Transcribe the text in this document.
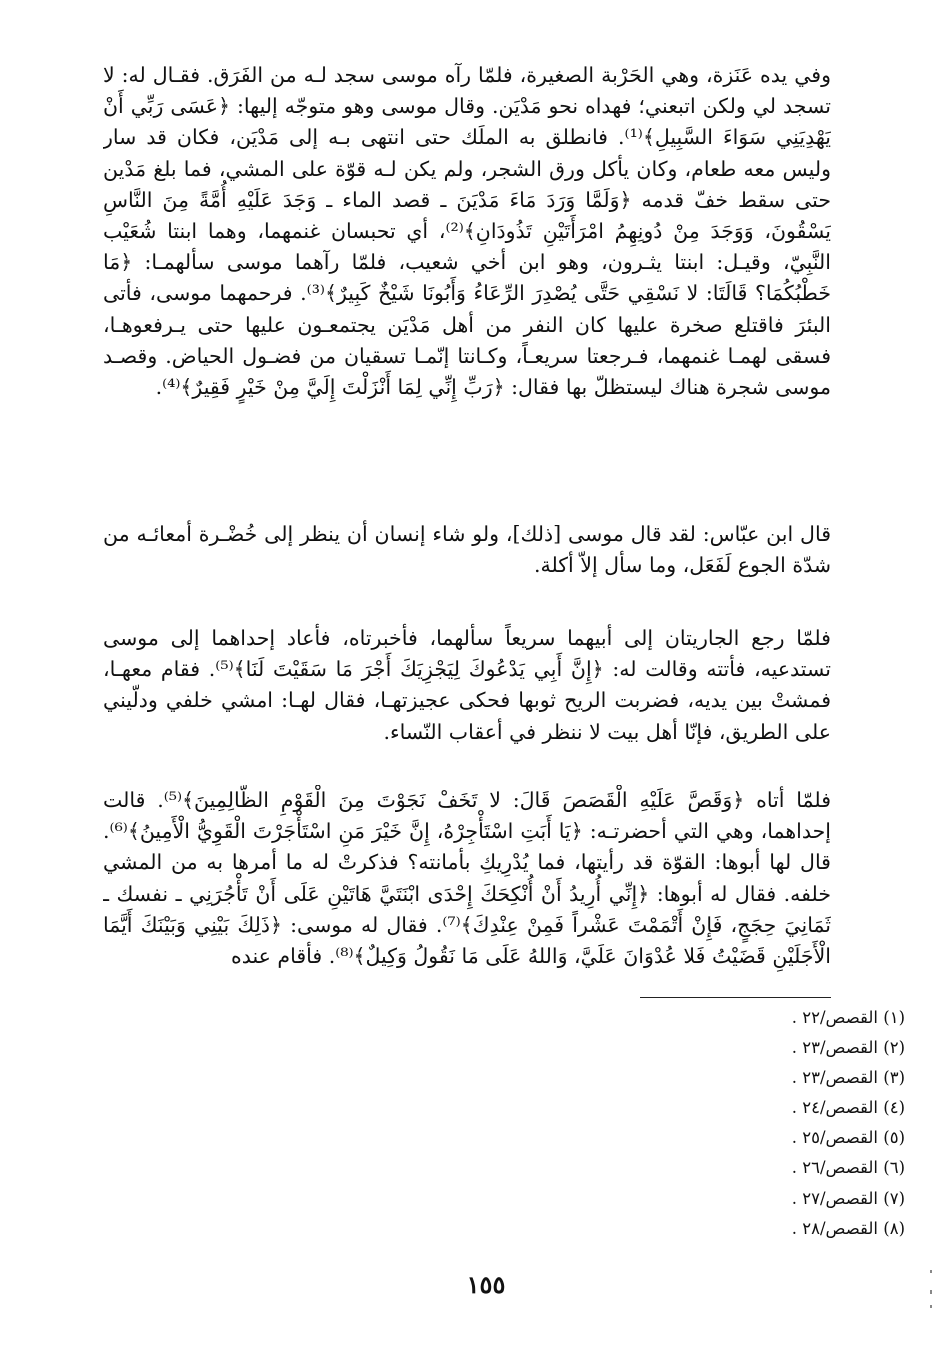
وفي يده عَنَزة، وهي الحَرْبة الصغيرة، فلمّا رآه موسى سجد لـه من الفَرَق. فقـال له: لا تسجد لي ولكن اتبعني؛ فهداه نحو مَدْيَن. وقال موسى وهو متوجّه إليها: ﴿عَسَى رَبِّي أَنْ يَهْدِيَنِي سَوَاءَ السَّبِيلِ﴾⁽¹⁾. فانطلق به الملَك حتى انتهى بـه إلى مَدْيَن، فكان قد سار وليس معه طعام، وكان يأكل ورق الشجر، ولم يكن لـه قوّة على المشي، فما بلغ مَدْين حتى سقط خفّ قدمه ﴿وَلَمَّا وَرَدَ مَاءَ مَدْيَنَ ـ قصد الماء ـ وَجَدَ عَلَيْهِ أُمَّةً مِنَ النَّاسِ يَسْقُونَ، وَوَجَدَ مِنْ دُونِهِمُ امْرَأَتَيْنِ تَذُودَانِ﴾⁽²⁾، أي تحبسان غنمهما، وهما ابنتا شُعَيْب النَّبِيّ، وقيـل: ابنتا يثـرون، وهو ابن أخي شعيب، فلمّا رآهما موسى سألهمـا: ﴿مَا خَطْبُكُمَا؟ قَالَتَا: لا نَسْقِي حَتَّى يُصْدِرَ الرِّعَاءُ وَأَبُونَا شَيْخٌ كَبِيرٌ﴾⁽³⁾. فرحمهما موسى، فأتى البئرَ فاقتلع صخرة عليها كان النفر من أهل مَدْيَن يجتمعـون عليها حتى يـرفعوهـا، فسقى لهمـا غنمهما، فـرجعتا سريعـاً، وكـانتا إنّمـا تسقيان من فضـول الحياض. وقصـد موسى شجرة هناك ليستظلّ بها فقال: ﴿رَبِّ إِنِّي لِمَا أَنْزَلْتَ إِلَيَّ مِنْ خَيْرٍ فَقِيرٌ﴾⁽⁴⁾.

قال ابن عبّاس: لقد قال موسى [ذلك]، ولو شاء إنسان أن ينظر إلى خُضْـرة أمعائـه من شدّة الجوع لَفَعَل، وما سأل إلاّ أكلة.

فلمّا رجع الجاريتان إلى أبيهما سريعاً سألهما، فأخبرتاه، فأعاد إحداهما إلى موسى تستدعيه، فأتته وقالت له: ﴿إِنَّ أَبِي يَدْعُوكَ لِيَجْزِيَكَ أَجْرَ مَا سَقَيْتَ لَنَا﴾⁽⁵⁾. فقام معهـا، فمشتْ بين يديه، فضربت الريح ثوبها فحكى عجيزتهـا، فقال لهـا: امشي خلفي ودلّيني على الطريق، فإنّا أهل بيت لا ننظر في أعقاب النّساء.

فلمّا أتاه ﴿وَقَصَّ عَلَيْهِ الْقَصَصَ قَالَ: لا تَخَفْ نَجَوْتَ مِنَ الْقَوْمِ الظَّالِمِينَ﴾⁽⁵⁾. قالت إحداهما، وهي التي أحضرتـه: ﴿يَا أَبَتِ اسْتَأْجِرْهُ، إِنَّ خَيْرَ مَنِ اسْتَأْجَرْتَ الْقَوِيُّ الْأَمِينُ﴾⁽⁶⁾. قال لها أبوها: القوّة قد رأيتها، فما يُدْرِيكِ بأمانته؟ فذكرتْ له ما أمرها به من المشي خلفه. فقال له أبوها: ﴿إِنِّي أُرِيدُ أَنْ أُنْكِحَكَ إِحْدَى ابْنَتَيَّ هَاتَيْنِ عَلَى أَنْ تَأْجُرَنِي ـ نفسك ـ ثَمَانِيَ حِجَجٍ، فَإِنْ أَتْمَمْتَ عَشْراً فَمِنْ عِنْدِكَ﴾⁽⁷⁾. فقال له موسى: ﴿ذَلِكَ بَيْنِي وَبَيْنَكَ أَيَّمَا الْأَجَلَيْنِ قَضَيْتُ فَلا عُدْوَانَ عَلَيَّ، وَاللهُ عَلَى مَا نَقُولُ وَكِيلٌ﴾⁽⁸⁾. فأقام عنده

(١) القصص/٢٢ .
(٢) القصص/٢٣ .
(٣) القصص/٢٣ .
(٤) القصص/٢٤ .
(٥) القصص/٢٥ .
(٦) القصص/٢٦ .
(٧) القصص/٢٧ .
(٨) القصص/٢٨ .
١٥٥
